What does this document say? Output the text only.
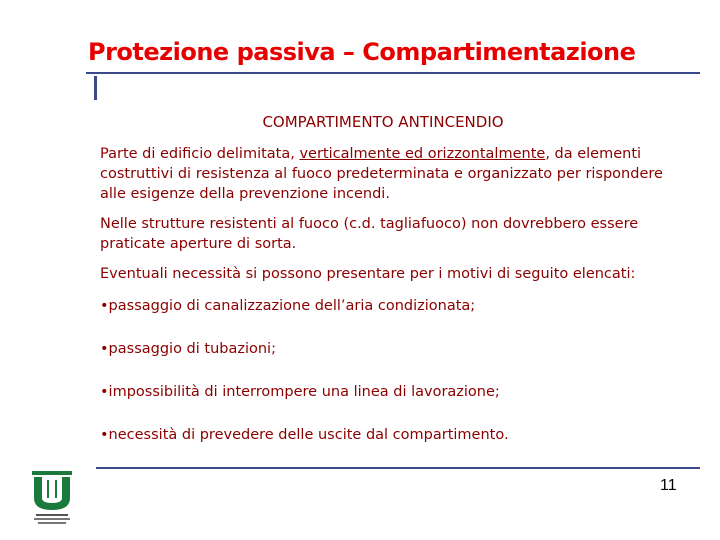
Protezione passiva – Compartimentazione
COMPARTIMENTO ANTINCENDIO

Parte di edificio delimitata, verticalmente ed orizzontalmente, da elementi costruttivi di resistenza al fuoco predeterminata e organizzato per rispondere alle esigenze della prevenzione incendi.

Nelle strutture resistenti al fuoco (c.d. tagliafuoco) non dovrebbero essere praticate aperture di sorta.

Eventuali necessità si possono presentare per i motivi di seguito elencati:

•passaggio di canalizzazione dell’aria condizionata;

•passaggio di tubazioni;

•impossibilità di interrompere una linea di lavorazione;

•necessità di prevedere delle uscite dal compartimento.

11
